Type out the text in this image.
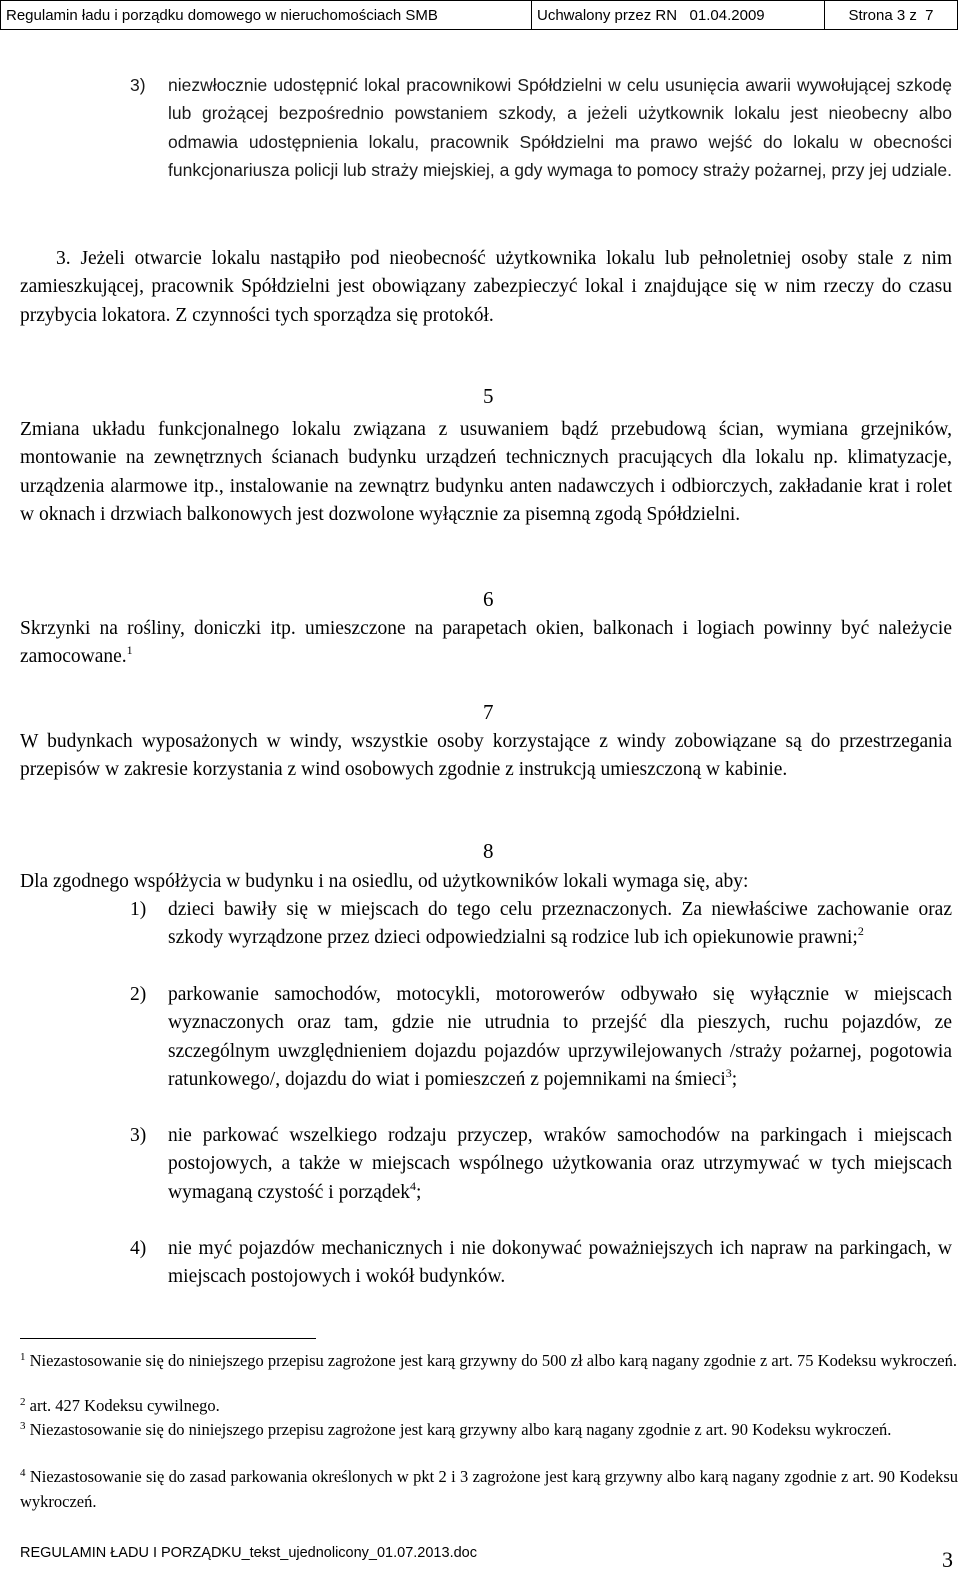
Regulamin ładu i porządku domowego w nieruchomościach SMB	Uchwalony przez RN   01.04.2009	Strona 3 z  7
3) niezwłocznie udostępnić lokal pracownikowi Spółdzielni w celu usunięcia awarii wywołującej szkodę lub grożącej bezpośrednio powstaniem szkody, a jeżeli użytkownik lokalu jest nieobecny albo odmawia udostępnienia lokalu, pracownik Spółdzielni ma prawo wejść do lokalu w obecności funkcjonariusza policji lub straży miejskiej, a gdy wymaga to pomocy straży pożarnej, przy jej udziale.
3. Jeżeli otwarcie lokalu nastąpiło pod nieobecność użytkownika lokalu lub pełnoletniej osoby stale z nim zamieszkującej, pracownik Spółdzielni jest obowiązany zabezpieczyć lokal i znajdujące się w nim rzeczy do czasu przybycia lokatora. Z czynności tych sporządza się protokół.
5
Zmiana układu funkcjonalnego lokalu związana z usuwaniem bądź przebudową ścian, wymiana grzejników, montowanie na zewnętrznych ścianach budynku urządzeń technicznych pracujących dla lokalu np. klimatyzacje, urządzenia alarmowe itp., instalowanie na zewnątrz budynku anten nadawczych i odbiorczych, zakładanie krat i rolet w oknach i drzwiach balkonowych jest dozwolone wyłącznie za pisemną zgodą Spółdzielni.
6
Skrzynki na rośliny, doniczki itp. umieszczone na parapetach okien, balkonach i logiach powinny być należycie zamocowane.$^1$
7
W budynkach wyposażonych w windy, wszystkie osoby korzystające z windy zobowiązane są do przestrzegania przepisów w zakresie korzystania z wind osobowych zgodnie z instrukcją umieszczoną w kabinie.
8
Dla zgodnego współżycia w budynku i na osiedlu, od użytkowników lokali wymaga się, aby:
1) dzieci bawiły się w miejscach do tego celu przeznaczonych. Za niewłaściwe zachowanie oraz szkody wyrządzone przez dzieci odpowiedzialni są rodzice lub ich opiekunowie prawni;$^2$
2) parkowanie samochodów, motocykli, motorowerów odbywało się wyłącznie w miejscach wyznaczonych oraz tam, gdzie nie utrudnia to przejść dla pieszych, ruchu pojazdów, ze szczególnym uwzględnieniem dojazdu pojazdów uprzywilejowanych /straży pożarnej, pogotowia ratunkowego/, dojazdu do wiat i pomieszczeń z pojemnikami na śmieci$^3$;
3) nie parkować wszelkiego rodzaju przyczep, wraków samochodów na parkingach i miejscach postojowych, a także w miejscach wspólnego użytkowania oraz utrzymywać w tych miejscach wymaganą czystość i porządek$^4$;
4) nie myć pojazdów mechanicznych i nie dokonywać poważniejszych ich napraw na parkingach, w miejscach postojowych i wokół budynków.
$^1$ Niezastosowanie się do niniejszego przepisu zagrożone jest karą grzywny do 500 zł albo karą nagany zgodnie z art. 75 Kodeksu wykroczeń.
$^2$ art. 427 Kodeksu cywilnego.
$^3$ Niezastosowanie się do niniejszego przepisu zagrożone jest karą grzywny albo karą nagany zgodnie z art. 90 Kodeksu wykroczeń.
$^4$ Niezastosowanie się do zasad parkowania określonych w pkt 2 i 3 zagrożone jest karą grzywny albo karą nagany zgodnie z art. 90 Kodeksu wykroczeń.
REGULAMIN ŁADU I PORZĄDKU_tekst_ujednolicony_01.07.2013.doc	3
